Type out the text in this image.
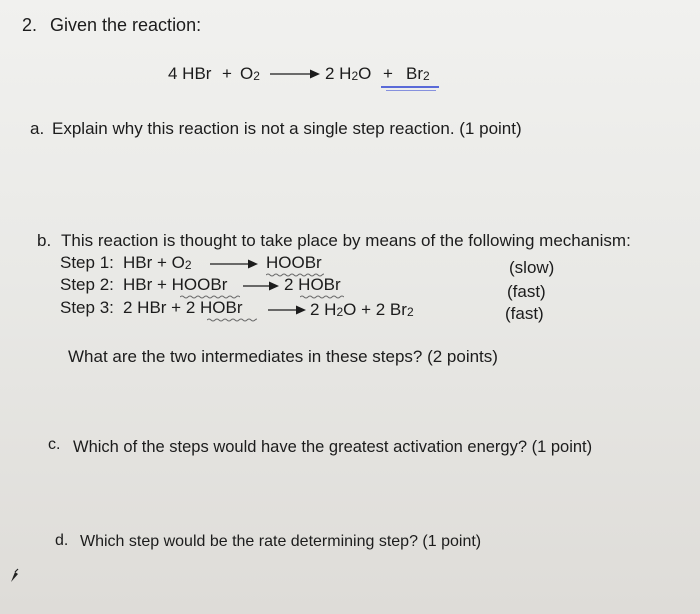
2. Given the reaction:
4 HBr + O2	2 H2O + Br2
a. Explain why this reaction is not a single step reaction. (1 point)
b. This reaction is thought to take place by means of the following mechanism:
Step 1: HBr + O2	HOOBr	(slow)
Step 2: HBr + HOOBr	2 HOBr	(fast)
Step 3: 2 HBr + 2 HOBr	2 H2O + 2 Br2	(fast)
What are the two intermediates in these steps? (2 points)
c. Which of the steps would have the greatest activation energy? (1 point)
d. Which step would be the rate determining step? (1 point)
